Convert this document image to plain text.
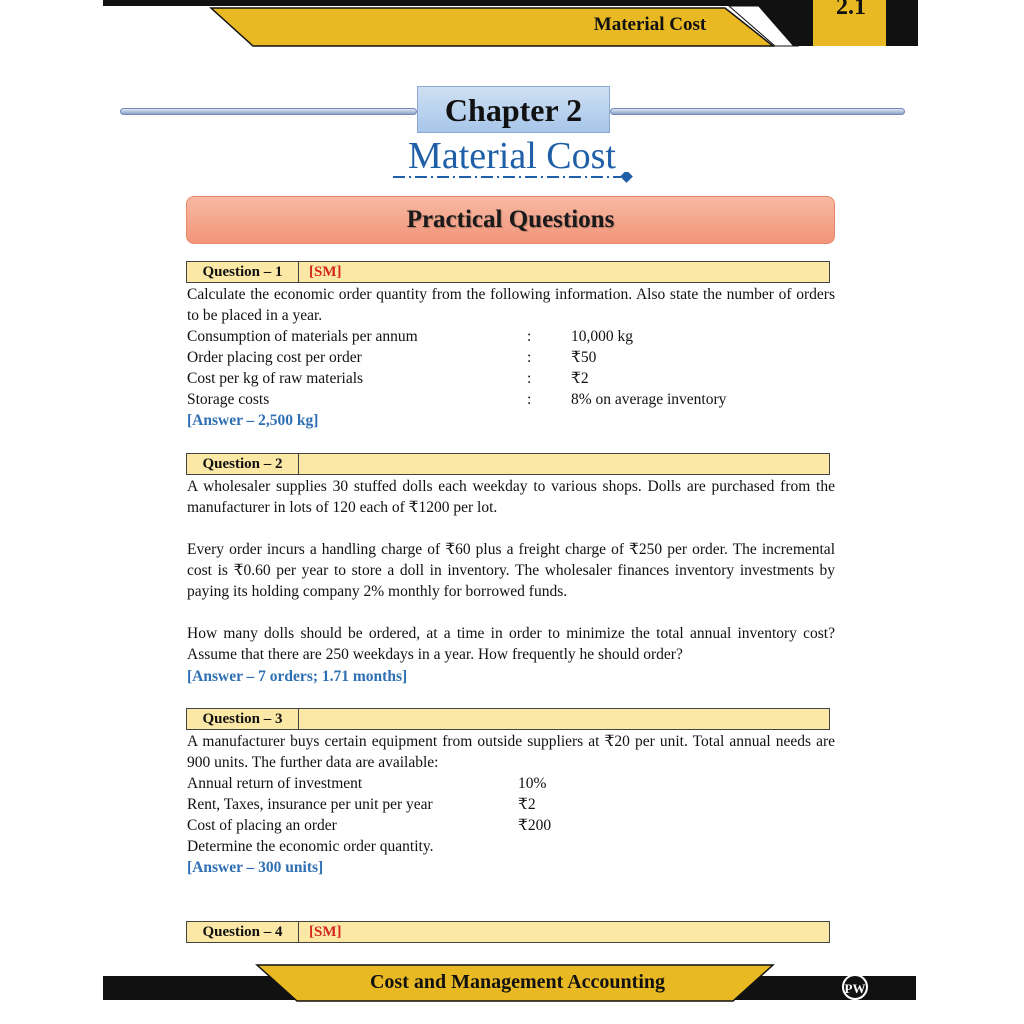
Material Cost
2.1
Chapter 2
Material Cost
Practical Questions
Question – 1	[SM]
Calculate the economic order quantity from the following information. Also state the number of orders
to be placed in a year.
Consumption of materials per annum	:	10,000 kg
Order placing cost per order	:	₹50
Cost per kg of raw materials	:	₹2
Storage costs	:	8% on average inventory
[Answer – 2,500 kg]
Question – 2
A wholesaler supplies 30 stuffed dolls each weekday to various shops. Dolls are purchased from the
manufacturer in lots of 120 each of ₹1200 per lot.
Every order incurs a handling charge of ₹60 plus a freight charge of ₹250 per order. The incremental
cost is ₹0.60 per year to store a doll in inventory. The wholesaler finances inventory investments by
paying its holding company 2% monthly for borrowed funds.
How many dolls should be ordered, at a time in order to minimize the total annual inventory cost?
Assume that there are 250 weekdays in a year. How frequently he should order?
[Answer – 7 orders; 1.71 months]
Question – 3
A manufacturer buys certain equipment from outside suppliers at ₹20 per unit. Total annual needs are
900 units. The further data are available:
Annual return of investment	10%
Rent, Taxes, insurance per unit per year	₹2
Cost of placing an order	₹200
Determine the economic order quantity.
[Answer – 300 units]
Question – 4	[SM]
Cost and Management Accounting	PW
